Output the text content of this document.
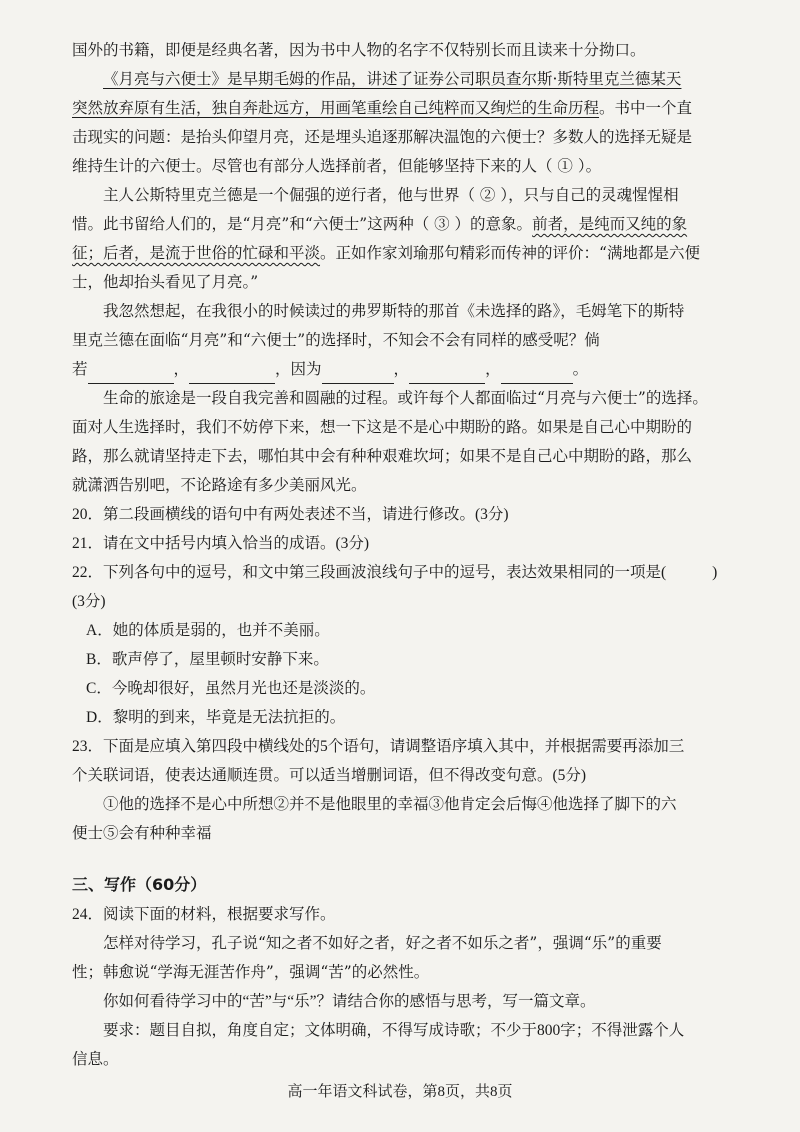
国外的书籍，即便是经典名著，因为书中人物的名字不仅特别长而且读来十分拗口。

《月亮与六便士》是早期毛姆的作品，讲述了证券公司职员查尔斯·斯特里克兰德某天

突然放弃原有生活，独自奔赴远方，用画笔重绘自己纯粹而又绚烂的生命历程。书中一个直

击现实的问题：是抬头仰望月亮，还是埋头追逐那解决温饱的六便士？多数人的选择无疑是

维持生计的六便士。尽管也有部分人选择前者，但能够坚持下来的人（ ① ）。

主人公斯特里克兰德是一个倔强的逆行者，他与世界（ ② ），只与自己的灵魂惺惺相

惜。此书留给人们的，是“月亮”和“六便士”这两种（ ③ ）的意象。前者，是纯而又纯的象

征；后者，是流于世俗的忙碌和平淡。正如作家刘瑜那句精彩而传神的评价：“满地都是六便

士，他却抬头看见了月亮。”

我忽然想起，在我很小的时候读过的弗罗斯特的那首《未选择的路》，毛姆笔下的斯特

里克兰德在面临“月亮”和“六便士”的选择时，不知会不会有同样的感受呢？倘

若	，	，因为	，	，	。

生命的旅途是一段自我完善和圆融的过程。或许每个人都面临过“月亮与六便士”的选择。

面对人生选择时，我们不妨停下来，想一下这是不是心中期盼的路。如果是自己心中期盼的

路，那么就请坚持走下去，哪怕其中会有种种艰难坎坷；如果不是自己心中期盼的路，那么

就潇洒告别吧，不论路途有多少美丽风光。

20．第二段画横线的语句中有两处表述不当，请进行修改。(3分)

21．请在文中括号内填入恰当的成语。(3分)

22．下列各句中的逗号，和文中第三段画波浪线句子中的逗号，表达效果相同的一项是(	)

(3分)

A．她的体质是弱的，也并不美丽。

B．歌声停了，屋里顿时安静下来。

C．今晚却很好，虽然月光也还是淡淡的。

D．黎明的到来，毕竟是无法抗拒的。

23．下面是应填入第四段中横线处的5个语句，请调整语序填入其中，并根据需要再添加三

个关联词语，使表达通顺连贯。可以适当增删词语，但不得改变句意。(5分)

①他的选择不是心中所想②并不是他眼里的幸福③他肯定会后悔④他选择了脚下的六

便士⑤会有种种幸福

三、写作（60分）

24．阅读下面的材料，根据要求写作。

怎样对待学习，孔子说“知之者不如好之者，好之者不如乐之者”，强调“乐”的重要

性；韩愈说“学海无涯苦作舟”，强调“苦”的必然性。

你如何看待学习中的“苦”与“乐”？请结合你的感悟与思考，写一篇文章。

要求：题目自拟，角度自定；文体明确，不得写成诗歌；不少于800字；不得泄露个人

信息。

高一年语文科试卷，第8页，共8页
